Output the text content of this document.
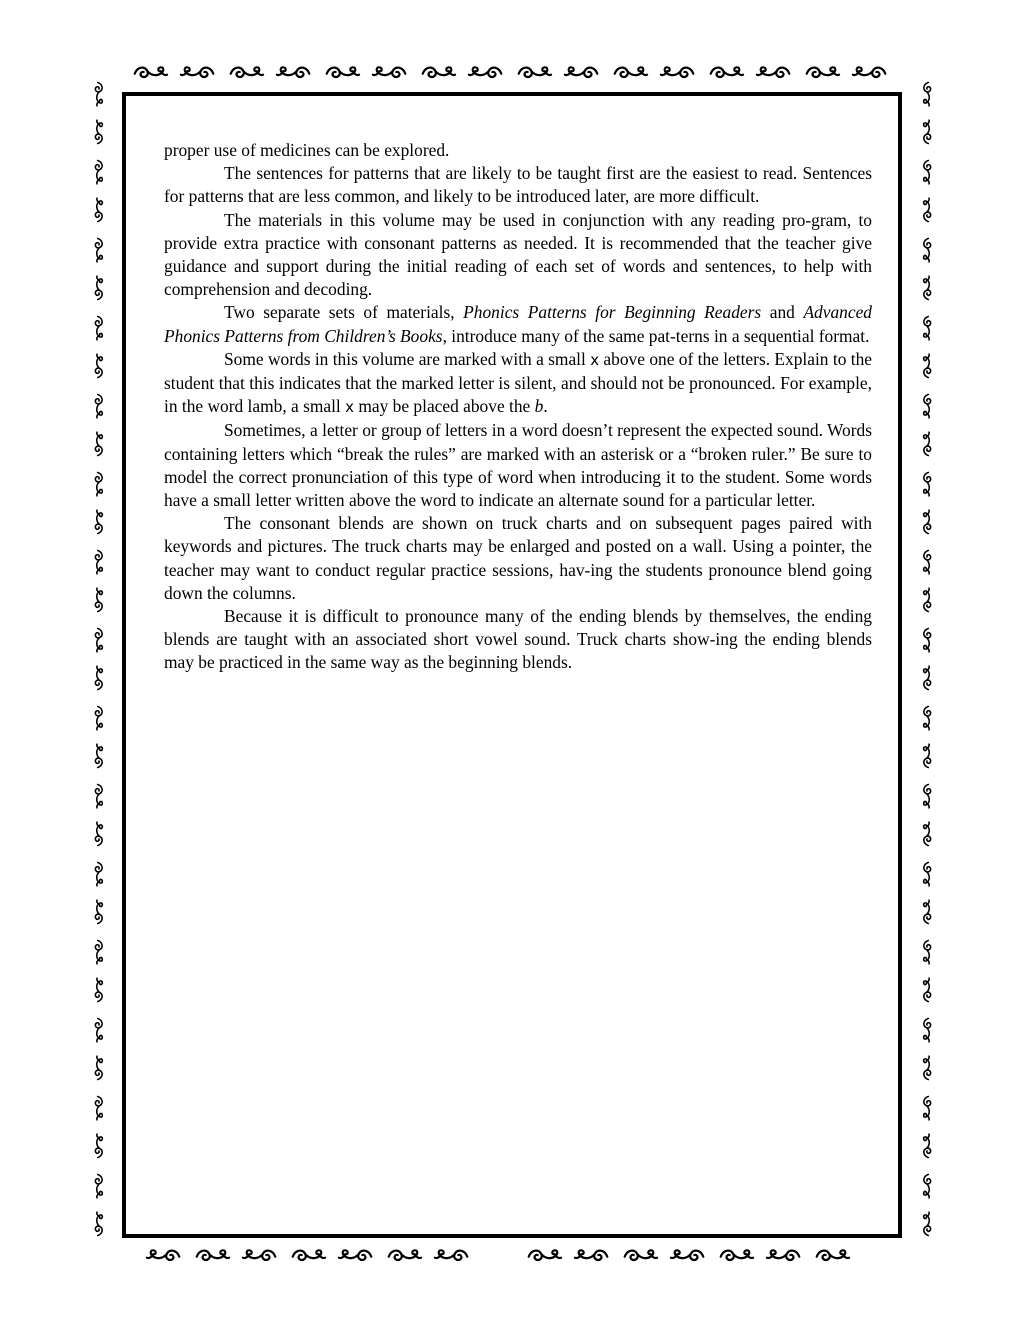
proper use of medicines can be explored.

The sentences for patterns that are likely to be taught first are the easiest to read. Sentences for patterns that are less common, and likely to be introduced later, are more difficult.

The materials in this volume may be used in conjunction with any reading pro-gram, to provide extra practice with consonant patterns as needed. It is recommended that the teacher give guidance and support during the initial reading of each set of words and sentences, to help with comprehension and decoding.

Two separate sets of materials, Phonics Patterns for Beginning Readers and Advanced Phonics Patterns from Children’s Books, introduce many of the same pat-terns in a sequential format.

Some words in this volume are marked with a small x above one of the letters. Explain to the student that this indicates that the marked letter is silent, and should not be pronounced. For example, in the word lamb, a small x may be placed above the b.

Sometimes, a letter or group of letters in a word doesn’t represent the expected sound. Words containing letters which “break the rules” are marked with an asterisk or a “broken ruler.” Be sure to model the correct pronunciation of this type of word when introducing it to the student. Some words have a small letter written above the word to indicate an alternate sound for a particular letter.

The consonant blends are shown on truck charts and on subsequent pages paired with keywords and pictures. The truck charts may be enlarged and posted on a wall. Using a pointer, the teacher may want to conduct regular practice sessions, hav-ing the students pronounce blend going down the columns.

Because it is difficult to pronounce many of the ending blends by themselves, the ending blends are taught with an associated short vowel sound. Truck charts show-ing the ending blends may be practiced in the same way as the beginning blends.
